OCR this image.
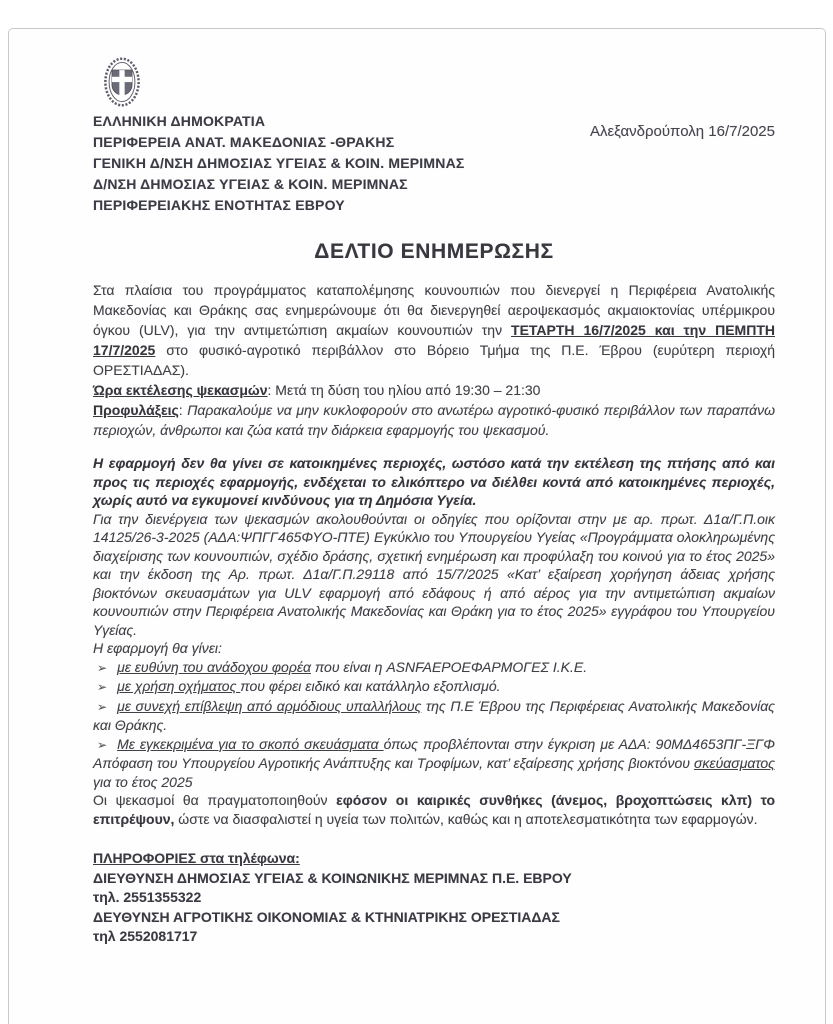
ΕΛΛΗΝΙΚΗ ΔΗΜΟΚΡΑΤΙΑ
ΠΕΡΙΦΕΡΕΙΑ ΑΝΑΤ. ΜΑΚΕΔΟΝΙΑΣ -ΘΡΑΚΗΣ
ΓΕΝΙΚΗ Δ/ΝΣΗ ΔΗΜΟΣΙΑΣ ΥΓΕΙΑΣ & ΚΟΙΝ. ΜΕΡΙΜΝΑΣ
Δ/ΝΣΗ ΔΗΜΟΣΙΑΣ ΥΓΕΙΑΣ & ΚΟΙΝ. ΜΕΡΙΜΝΑΣ
ΠΕΡΙΦΕΡΕΙΑΚΗΣ ΕΝΟΤΗΤΑΣ ΕΒΡΟΥ
Αλεξανδρούπολη 16/7/2025
ΔΕΛΤΙΟ ΕΝΗΜΕΡΩΣΗΣ

Στα πλαίσια του προγράμματος καταπολέμησης κουνουπιών που διενεργεί η Περιφέρεια Ανατολικής Μακεδονίας και Θράκης σας ενημερώνουμε ότι θα διενεργηθεί αεροψεκασμός ακμαιοκτονίας υπέρμικρου όγκου (ULV), για την αντιμετώπιση ακμαίων κουνουπιών την ΤΕΤΑΡΤΗ 16/7/2025 και την ΠΕΜΠΤΗ 17/7/2025 στο φυσικό-αγροτικό περιβάλλον στο Βόρειο Τμήμα της Π.Ε. Έβρου (ευρύτερη περιοχή ΟΡΕΣΤΙΑΔΑΣ).

Ώρα εκτέλεσης ψεκασμών: Μετά τη δύση του ηλίου από 19:30 – 21:30

Προφυλάξεις: Παρακαλούμε να μην κυκλοφορούν στο ανωτέρω αγροτικό-φυσικό περιβάλλον των παραπάνω περιοχών, άνθρωποι και ζώα κατά την διάρκεια εφαρμογής του ψεκασμού.

Η εφαρμογή δεν θα γίνει σε κατοικημένες περιοχές, ωστόσο κατά την εκτέλεση της πτήσης από και προς τις περιοχές εφαρμογής, ενδέχεται το ελικόπτερο να διέλθει κοντά από κατοικημένες περιοχές, χωρίς αυτό να εγκυμονεί κινδύνους για τη Δημόσια Υγεία.

Για την διενέργεια των ψεκασμών ακολουθούνται οι οδηγίες που ορίζονται στην με αρ. πρωτ. Δ1α/Γ.Π.οικ 14125/26-3-2025 (ΑΔΑ:ΨΠΓΓ465ΦΥΟ-ΠΤΕ) Εγκύκλιο του Υπουργείου Υγείας «Προγράμματα ολοκληρωμένης διαχείρισης των κουνουπιών, σχέδιο δράσης, σχετική ενημέρωση και προφύλαξη του κοινού για το έτος 2025» και την έκδοση της Αρ. πρωτ. Δ1α/Γ.Π.29118 από 15/7/2025 «Κατ’ εξαίρεση χορήγηση άδειας χρήσης βιοκτόνων σκευασμάτων για ULV εφαρμογή από εδάφους ή από αέρος για την αντιμετώπιση ακμαίων κουνουπιών στην Περιφέρεια Ανατολικής Μακεδονίας και Θράκη για το έτος 2025» εγγράφου του Υπουργείου Υγείας.

Η εφαρμογή θα γίνει:

➢ με ευθύνη του ανάδοχου φορέα που είναι η ASNFAEPOEΦΑΡΜΟΓΕΣ Ι.Κ.Ε.

➢ με χρήση οχήματος που φέρει ειδικό και κατάλληλο εξοπλισμό.

➢ με συνεχή επίβλεψη από αρμόδιους υπαλλήλους της Π.Ε Έβρου της Περιφέρειας Ανατολικής Μακεδονίας και Θράκης.

➢ Με εγκεκριμένα για το σκοπό σκευάσματα όπως προβλέπονται στην έγκριση με ΑΔΑ: 90ΜΔ4653ΠΓ-ΞΓΦ Απόφαση του Υπουργείου Αγροτικής Ανάπτυξης και Τροφίμων, κατ’ εξαίρεσης χρήσης βιοκτόνου σκεύασματος για το έτος 2025

Οι ψεκασμοί θα πραγματοποιηθούν εφόσον οι καιρικές συνθήκες (άνεμος, βροχοπτώσεις κλπ) το επιτρέψουν, ώστε να διασφαλιστεί η υγεία των πολιτών, καθώς και η αποτελεσματικότητα των εφαρμογών.

ΠΛΗΡΟΦΟΡΙΕΣ στα τηλέφωνα:
ΔΙΕΥΘΥΝΣΗ ΔΗΜΟΣΙΑΣ ΥΓΕΙΑΣ & ΚΟΙΝΩΝΙΚΗΣ ΜΕΡΙΜΝΑΣ Π.Ε. ΕΒΡΟΥ
τηλ. 2551355322
ΔΕΥΘΥΝΣΗ ΑΓΡΟΤΙΚΗΣ ΟΙΚΟΝΟΜΙΑΣ & ΚΤΗΝΙΑΤΡΙΚΗΣ ΟΡΕΣΤΙΑΔΑΣ
τηλ 2552081717
